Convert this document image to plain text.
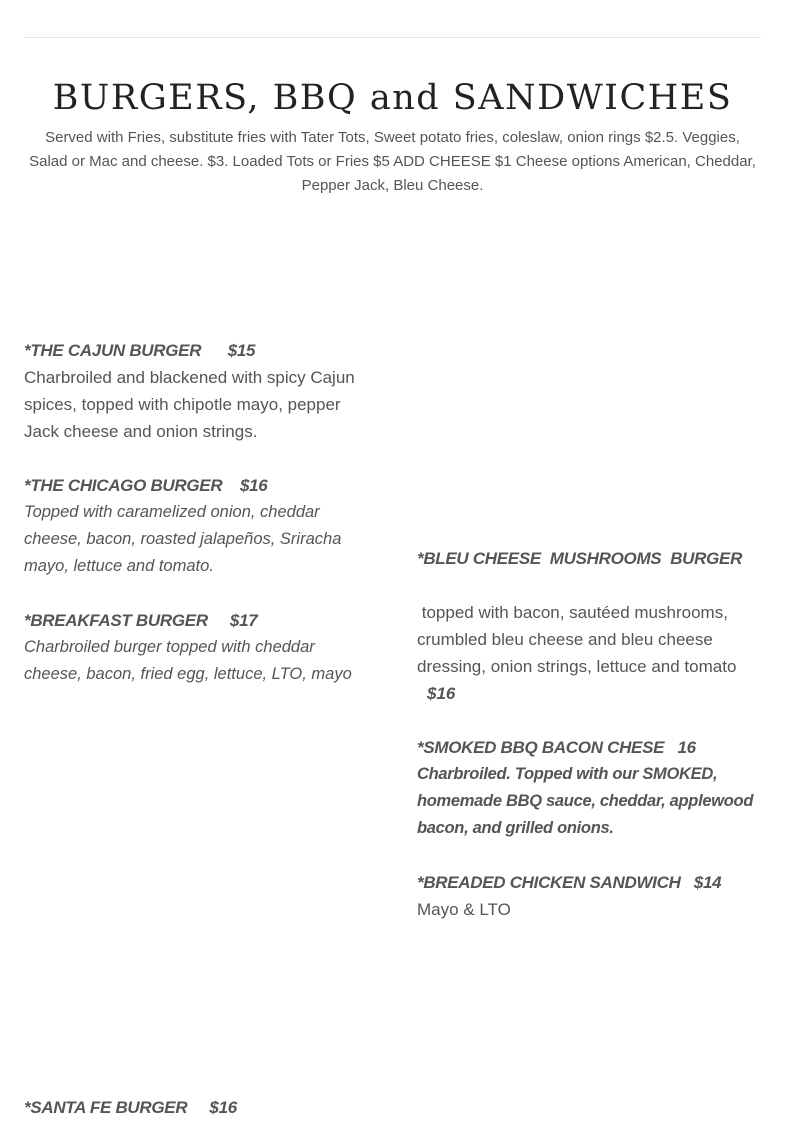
BURGERS, BBQ and SANDWICHES

Served with Fries, substitute fries with Tater Tots, Sweet potato fries, coleslaw, onion rings $2.5. Veggies, Salad or Mac and cheese. $3. Loaded Tots or Fries $5 ADD CHEESE $1 Cheese options American, Cheddar, Pepper Jack, Bleu Cheese.

*THE CAJUN BURGER      $15

Charbroiled and blackened with spicy Cajun spices, topped with chipotle mayo, pepper Jack cheese and onion strings.

*THE CHICAGO BURGER    $16

Topped with caramelized onion, cheddar cheese, bacon, roasted jalapeños, Sriracha mayo, lettuce and tomato.

*BREAKFAST BURGER     $17

Charbroiled burger topped with cheddar cheese, bacon, fried egg, lettuce, LTO, mayo

*BLEU CHEESE  MUSHROOMS  BURGER

topped with bacon, sautéed mushrooms, crumbled bleu cheese and bleu cheese dressing, onion strings, lettuce and tomato

$16

*SMOKED BBQ BACON CHESE   16

Charbroiled. Topped with our SMOKED, homemade BBQ sauce, cheddar, applewood bacon, and grilled onions.

*BREADED CHICKEN SANDWICH   $14

Mayo & LTO

*SANTA FE BURGER     $16
